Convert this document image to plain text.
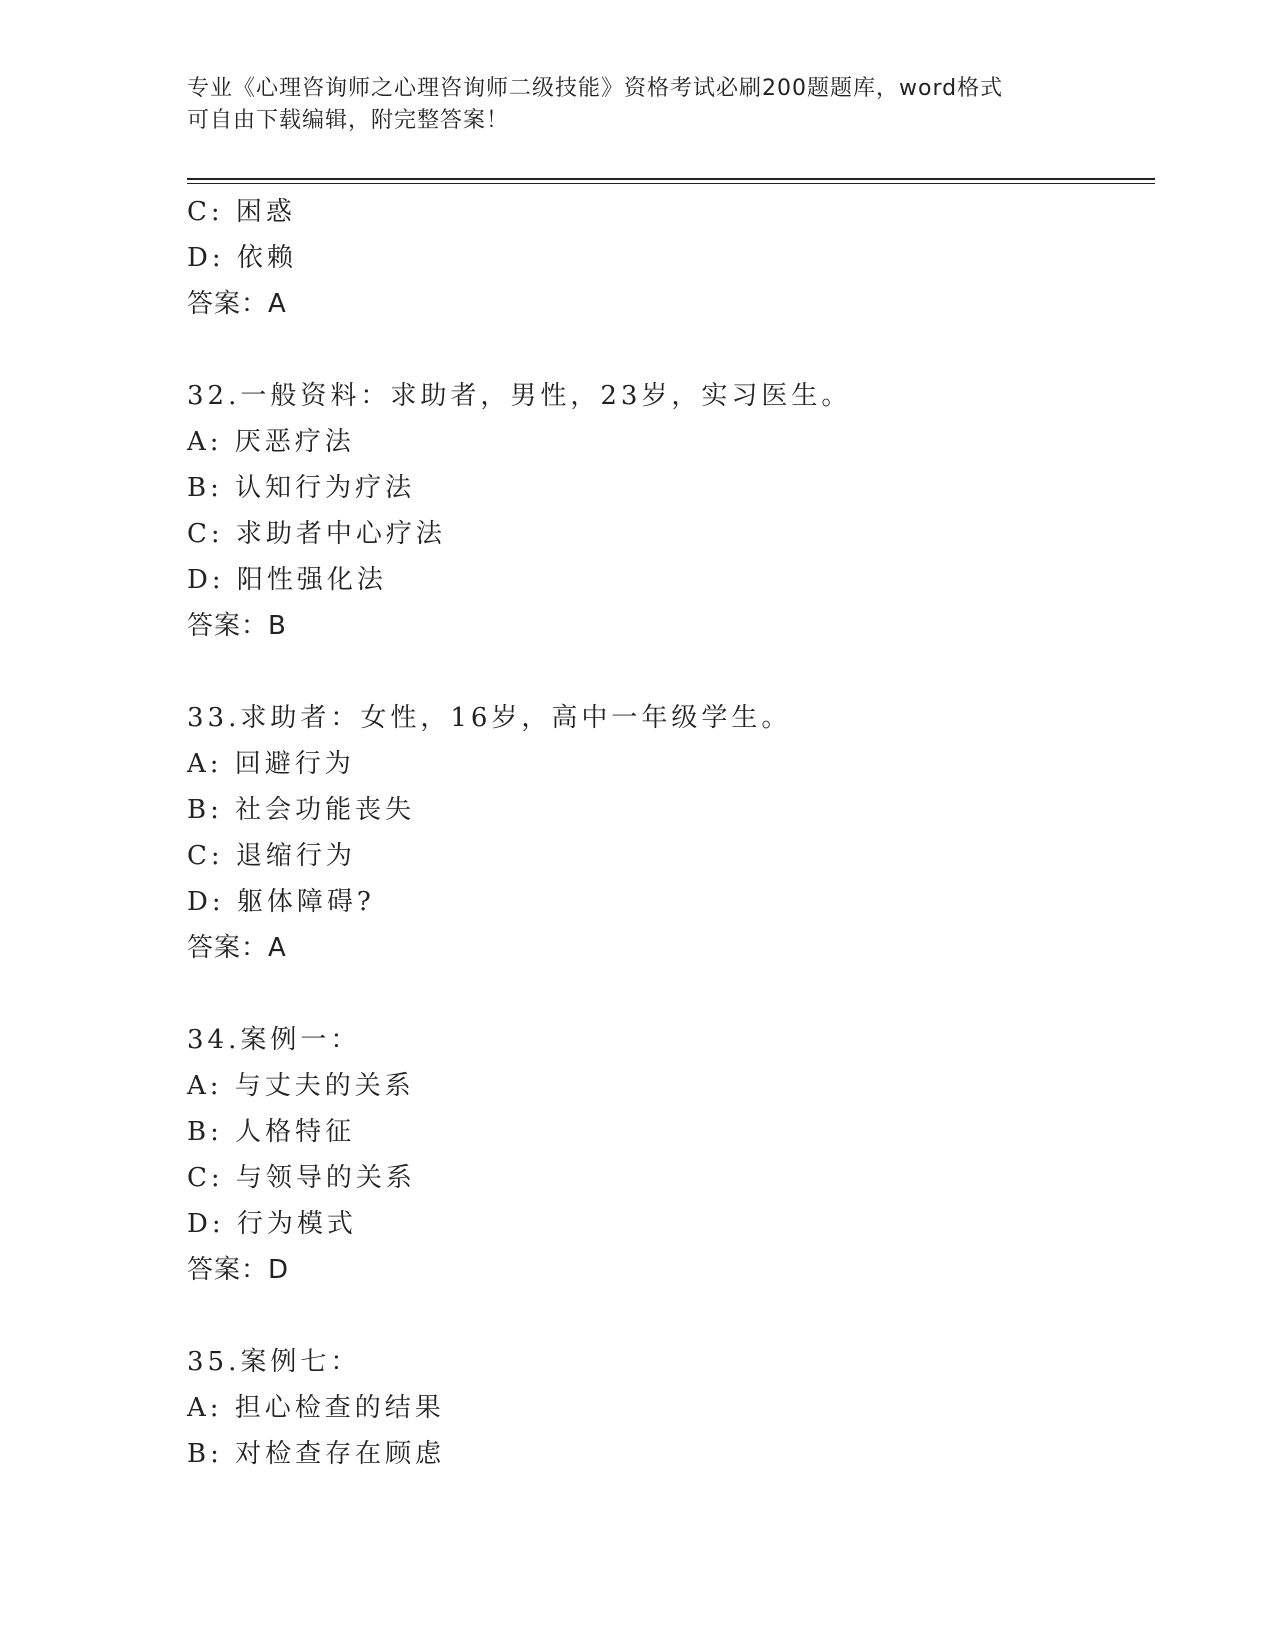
专业《心理咨询师之心理咨询师二级技能》资格考试必刷200题题库，word格式
可自由下载编辑，附完整答案！
C: 困惑
D: 依赖
答案：A
32.一般资料：求助者，男性，23岁，实习医生。
A: 厌恶疗法
B: 认知行为疗法
C: 求助者中心疗法
D: 阳性强化法
答案：B
33.求助者：女性，16岁，高中一年级学生。
A: 回避行为
B: 社会功能丧失
C: 退缩行为
D: 躯体障碍?
答案：A
34.案例一：
A: 与丈夫的关系
B: 人格特征
C: 与领导的关系
D: 行为模式
答案：D
35.案例七：
A: 担心检查的结果
B: 对检查存在顾虑
